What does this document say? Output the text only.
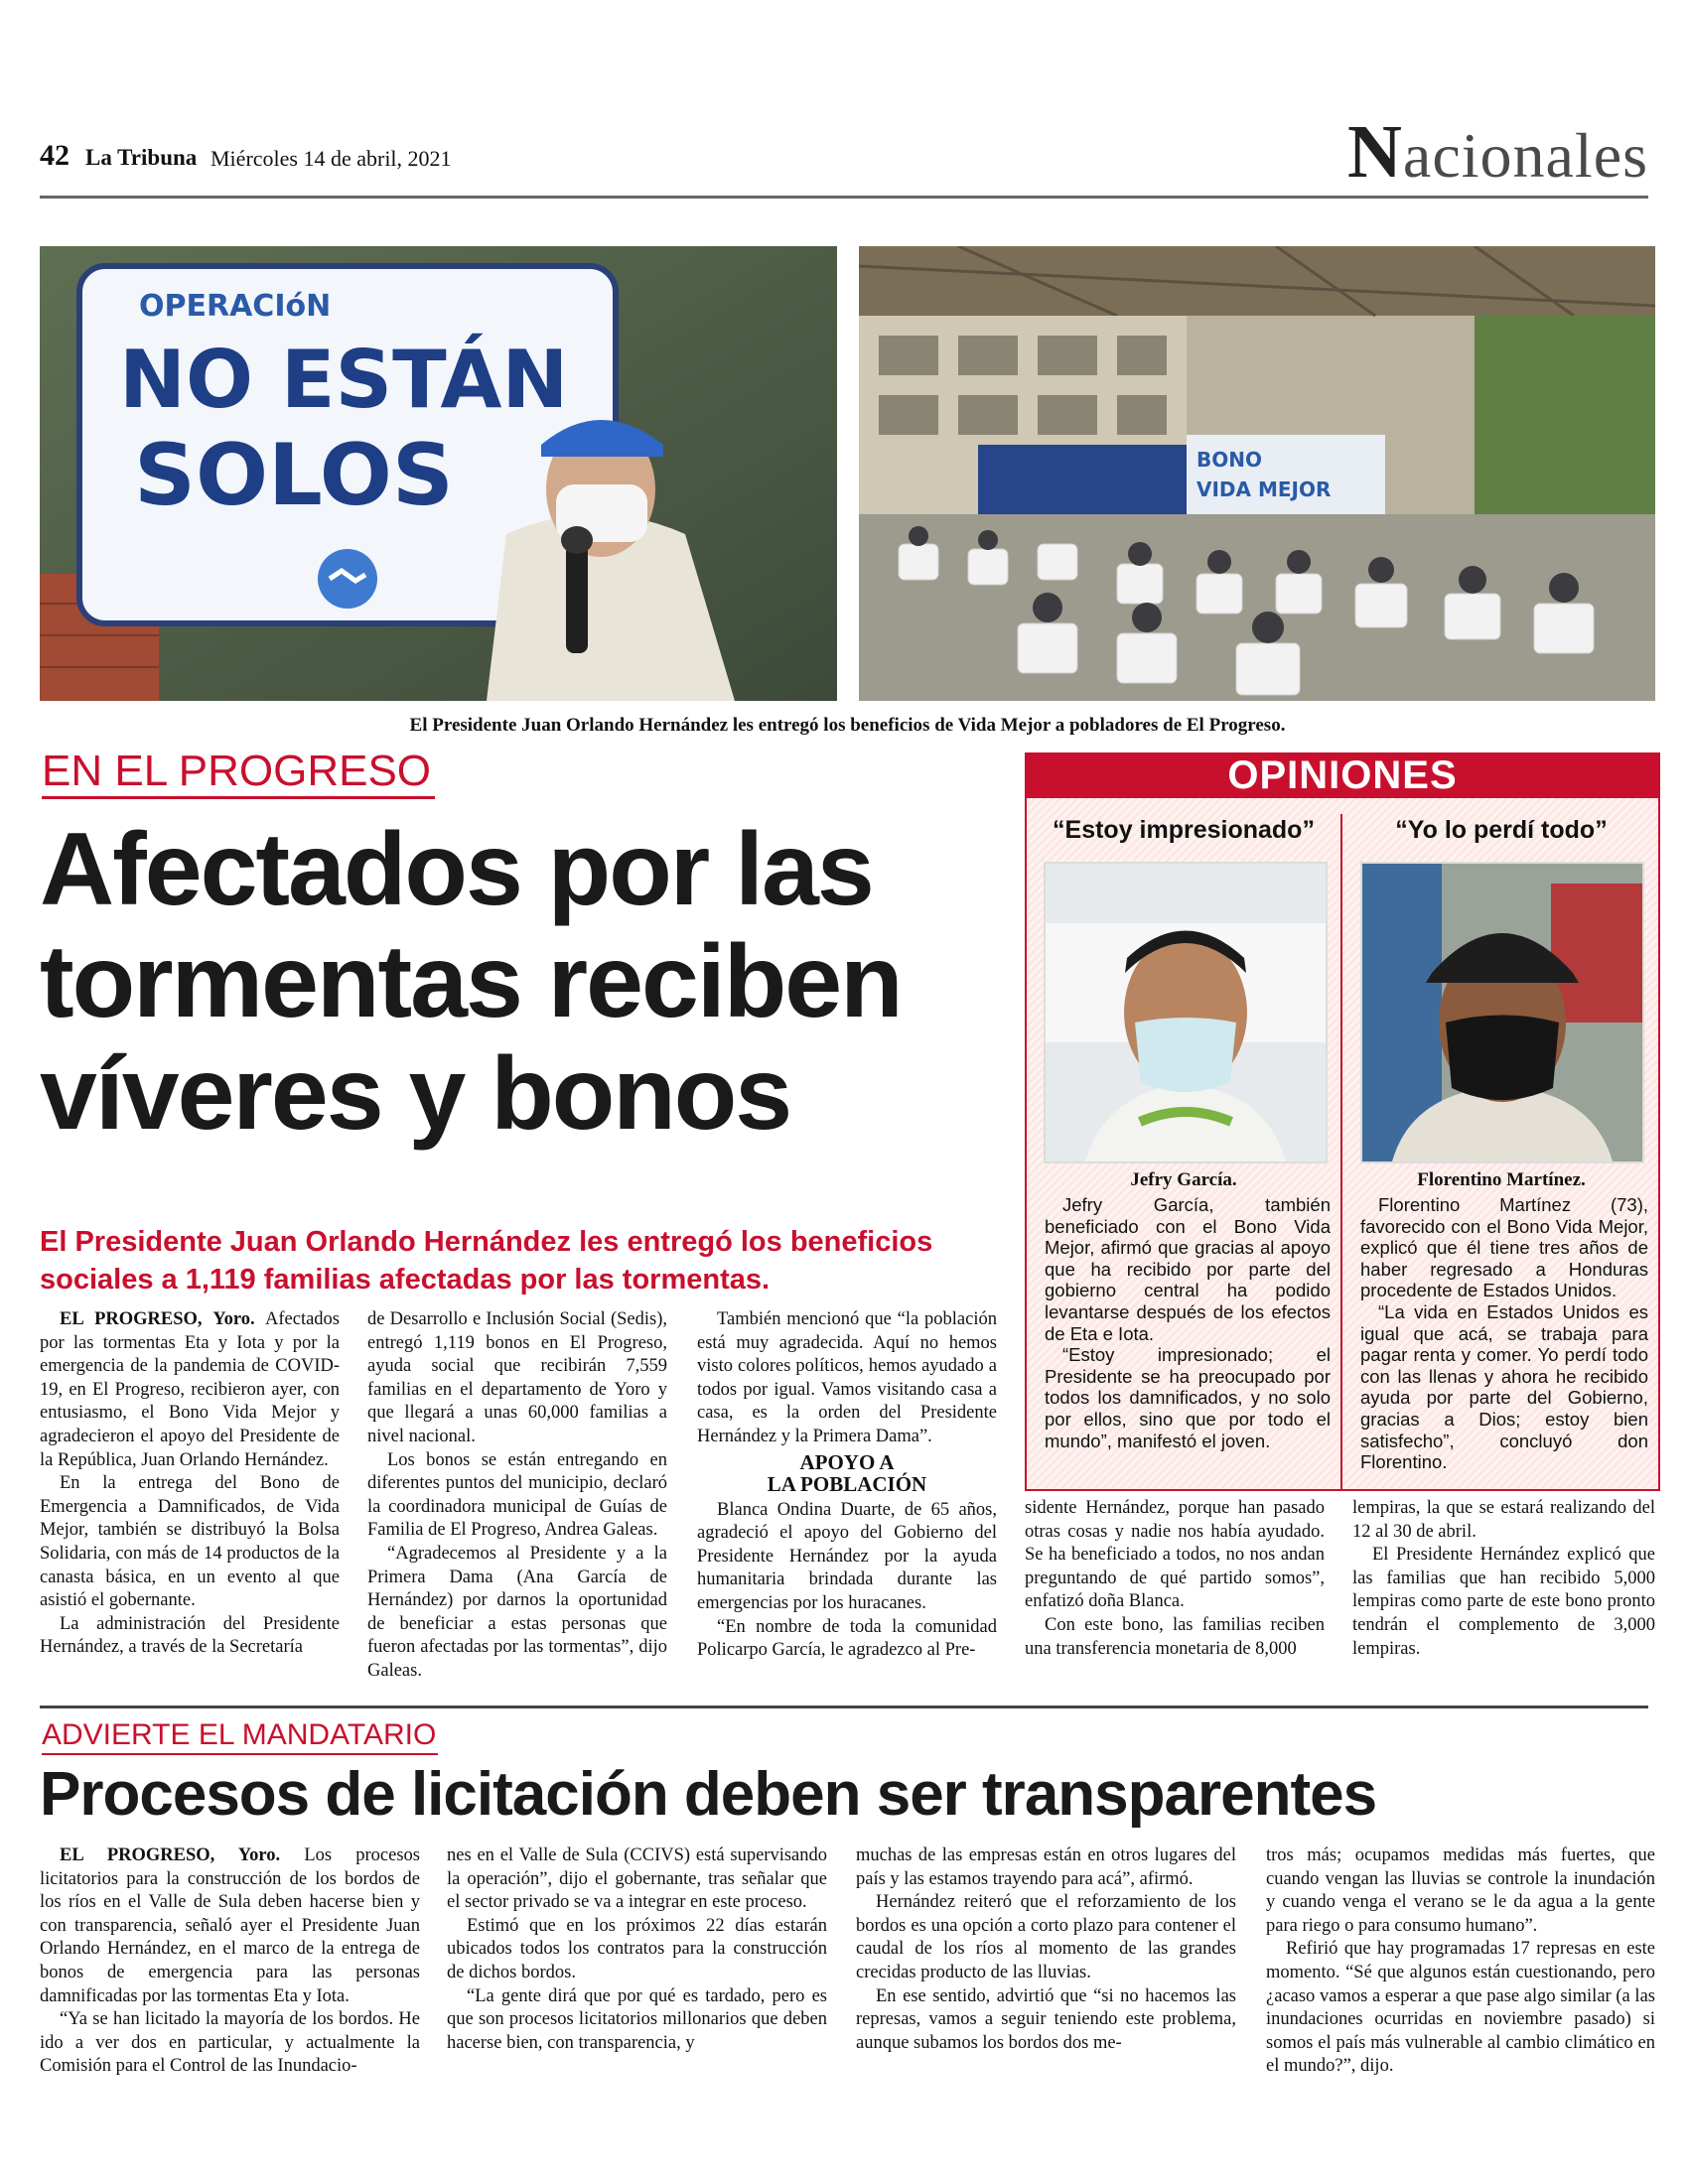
42 La Tribuna Miércoles 14 de abril, 2021	Nacionales
OPERACIóN
NO ESTÁN
SOLOS	BONO
VIDA MEJOR
El Presidente Juan Orlando Hernández les entregó los beneficios de Vida Mejor a pobladores de El Progreso.
EN EL PROGRESO
Afectados por las
tormentas reciben
víveres y bonos
El Presidente Juan Orlando Hernández les entregó los beneficios sociales a 1,119 familias afectadas por las tormentas.

EL PROGRESO, Yoro. Afectados por las tormentas Eta y Iota y por la emergencia de la pandemia de COVID-19, en El Progreso, recibieron ayer, con entusiasmo, el Bono Vida Mejor y agradecieron el apoyo del Presidente de la República, Juan Orlando Hernández.

En la entrega del Bono de Emergencia a Damnificados, de Vida Mejor, también se distribuyó la Bolsa Solidaria, con más de 14 productos de la canasta básica, en un evento al que asistió el gobernante.

La administración del Presidente Hernández, a través de la Secretaría

de Desarrollo e Inclusión Social (Sedis), entregó 1,119 bonos en El Progreso, ayuda social que recibirán 7,559 familias en el departamento de Yoro y que llegará a unas 60,000 familias a nivel nacional.

Los bonos se están entregando en diferentes puntos del municipio, declaró la coordinadora municipal de Guías de Familia de El Progreso, Andrea Galeas.

“Agradecemos al Presidente y a la Primera Dama (Ana García de Hernández) por darnos la oportunidad de beneficiar a estas personas que fueron afectadas por las tormentas”, dijo Galeas.

También mencionó que “la población está muy agradecida. Aquí no hemos visto colores políticos, hemos ayudado a todos por igual. Vamos visitando casa a casa, es la orden del Presidente Hernández y la Primera Dama”.

APOYO A
LA POBLACIÓN

Blanca Ondina Duarte, de 65 años, agradeció el apoyo del Gobierno del Presidente Hernández por la ayuda humanitaria brindada durante las emergencias por los huracanes.

“En nombre de toda la comunidad Policarpo García, le agradezco al Pre-

sidente Hernández, porque han pasado otras cosas y nadie nos había ayudado. Se ha beneficiado a todos, no nos andan preguntando de qué partido somos”, enfatizó doña Blanca.

Con este bono, las familias reciben una transferencia monetaria de 8,000

lempiras, la que se estará realizando del 12 al 30 de abril.

El Presidente Hernández explicó que las familias que han recibido 5,000 lempiras como parte de este bono pronto tendrán el complemento de 3,000 lempiras.

OPINIONES
“Estoy impresionado”
Jefry García.

Jefry García, también beneficiado con el Bono Vida Mejor, afirmó que gracias al apoyo que ha recibido por parte del gobierno central ha podido levantarse después de los efectos de Eta e Iota.

“Estoy impresionado; el Presidente se ha preocupado por todos los damnificados, y no solo por ellos, sino que por todo el mundo”, manifestó el joven.

“Yo lo perdí todo”
Florentino Martínez.

Florentino Martínez (73), favorecido con el Bono Vida Mejor, explicó que él tiene tres años de haber regresado a Honduras procedente de Estados Unidos.

“La vida en Estados Unidos es igual que acá, se trabaja para pagar renta y comer. Yo perdí todo con las llenas y ahora he recibido ayuda por parte del Gobierno, gracias a Dios; estoy bien satisfecho”, concluyó don Florentino.

ADVIERTE EL MANDATARIO
Procesos de licitación deben ser transparentes

EL PROGRESO, Yoro. Los procesos licitatorios para la construcción de los bordos de los ríos en el Valle de Sula deben hacerse bien y con transparencia, señaló ayer el Presidente Juan Orlando Hernández, en el marco de la entrega de bonos de emergencia para las personas damnificadas por las tormentas Eta y Iota.

“Ya se han licitado la mayoría de los bordos. He ido a ver dos en particular, y actualmente la Comisión para el Control de las Inundacio-

nes en el Valle de Sula (CCIVS) está supervisando la operación”, dijo el gobernante, tras señalar que el sector privado se va a integrar en este proceso.

Estimó que en los próximos 22 días estarán ubicados todos los contratos para la construcción de dichos bordos.

“La gente dirá que por qué es tardado, pero es que son procesos licitatorios millonarios que deben hacerse bien, con transparencia, y

muchas de las empresas están en otros lugares del país y las estamos trayendo para acá”, afirmó.

Hernández reiteró que el reforzamiento de los bordos es una opción a corto plazo para contener el caudal de los ríos al momento de las grandes crecidas producto de las lluvias.

En ese sentido, advirtió que “si no hacemos las represas, vamos a seguir teniendo este problema, aunque subamos los bordos dos me-

tros más; ocupamos medidas más fuertes, que cuando vengan las lluvias se controle la inundación y cuando venga el verano se le da agua a la gente para riego o para consumo humano”.

Refirió que hay programadas 17 represas en este momento. “Sé que algunos están cuestionando, pero ¿acaso vamos a esperar a que pase algo similar (a las inundaciones ocurridas en noviembre pasado) si somos el país más vulnerable al cambio climático en el mundo?”, dijo.
